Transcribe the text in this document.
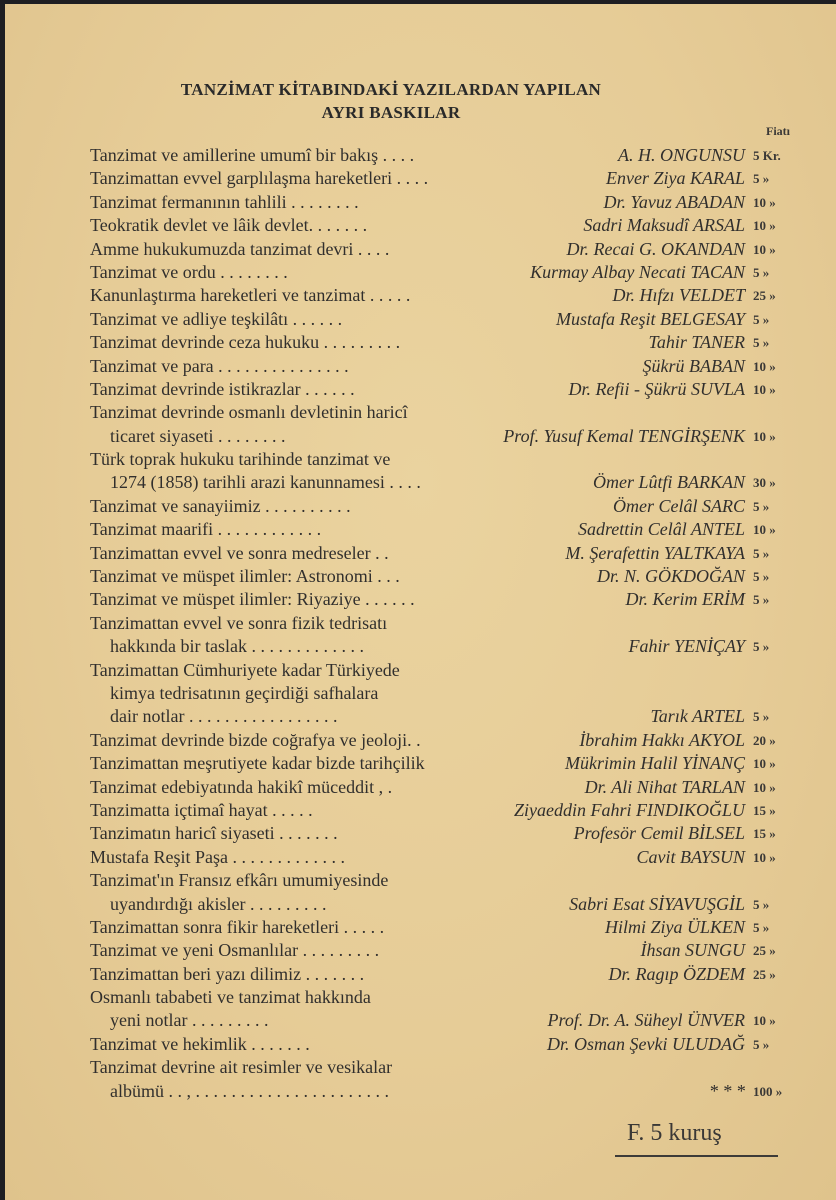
TANZİMAT KİTABINDAKİ YAZILARDAN YAPILAN
AYRI BASKILAR
Fiatı
Tanzimat ve amillerine umumî bir bakış . . . .	A. H. ONGUNSU 5 Kr.
Tanzimattan evvel garplılaşma hareketleri . . . .	Enver Ziya KARAL 5 »
Tanzimat fermanının tahlili . . . . . . . .	Dr. Yavuz ABADAN 10 »
Teokratik devlet ve lâik devlet. . . . . . .	Sadri Maksudî ARSAL 10 »
Amme hukukumuzda tanzimat devri . . . .	Dr. Recai G. OKANDAN 10 »
Tanzimat ve ordu . . . . . . . .	Kurmay Albay Necati TACAN 5 »
Kanunlaştırma hareketleri ve tanzimat . . . . .	Dr. Hıfzı VELDET 25 »
Tanzimat ve adliye teşkilâtı . . . . . .	Mustafa Reşit BELGESAY 5 »
Tanzimat devrinde ceza hukuku . . . . . . . . .	Tahir TANER 5 »
Tanzimat ve para . . . . . . . . . . . . . . .	Şükrü BABAN 10 »
Tanzimat devrinde istikrazlar . . . . . .	Dr. Refii - Şükrü SUVLA 10 »
Tanzimat devrinde osmanlı devletinin haricî
ticaret siyaseti . . . . . . . .	Prof. Yusuf Kemal TENGİRŞENK 10 »
Türk toprak hukuku tarihinde tanzimat ve
1274 (1858) tarihli arazi kanunnamesi . . . .	Ömer Lûtfi BARKAN 30 »
Tanzimat ve sanayiimiz . . . . . . . . . .	Ömer Celâl SARC 5 »
Tanzimat maarifi . . . . . . . . . . . .	Sadrettin Celâl ANTEL 10 »
Tanzimattan evvel ve sonra medreseler . .	M. Şerafettin YALTKAYA 5 »
Tanzimat ve müspet ilimler: Astronomi . . .	Dr. N. GÖKDOĞAN 5 »
Tanzimat ve müspet ilimler: Riyaziye . . . . . .	Dr. Kerim ERİM 5 »
Tanzimattan evvel ve sonra fizik tedrisatı
hakkında bir taslak . . . . . . . . . . . . .	Fahir YENİÇAY 5 »
Tanzimattan Cümhuriyete kadar Türkiyede
kimya tedrisatının geçirdiği safhalara
dair notlar . . . . . . . . . . . . . . . . .	Tarık ARTEL 5 »
Tanzimat devrinde bizde coğrafya ve jeoloji. .	İbrahim Hakkı AKYOL 20 »
Tanzimattan meşrutiyete kadar bizde tarihçilik	Mükrimin Halil YİNANÇ 10 »
Tanzimat edebiyatında hakikî müceddit , .	Dr. Ali Nihat TARLAN 10 »
Tanzimatta içtimaî hayat . . . . .	Ziyaeddin Fahri FINDIKOĞLU 15 »
Tanzimatın haricî siyaseti . . . . . . .	Profesör Cemil BİLSEL 15 »
Mustafa Reşit Paşa . . . . . . . . . . . . .	Cavit BAYSUN 10 »
Tanzimat'ın Fransız efkârı umumiyesinde
uyandırdığı akisler . . . . . . . . .	Sabri Esat SİYAVUŞGİL 5 »
Tanzimattan sonra fikir hareketleri . . . . .	Hilmi Ziya ÜLKEN 5 »
Tanzimat ve yeni Osmanlılar . . . . . . . . .	İhsan SUNGU 25 »
Tanzimattan beri yazı dilimiz . . . . . . .	Dr. Ragıp ÖZDEM 25 »
Osmanlı tababeti ve tanzimat hakkında
yeni notlar . . . . . . . . .	Prof. Dr. A. Süheyl ÜNVER 10 »
Tanzimat ve hekimlik . . . . . . .	Dr. Osman Şevki ULUDAĞ 5 »
Tanzimat devrine ait resimler ve vesikalar
albümü . . , . . . . . . . . . . . . . . . . . . . . . .	* * * 100 »
F. 5 kuruş
